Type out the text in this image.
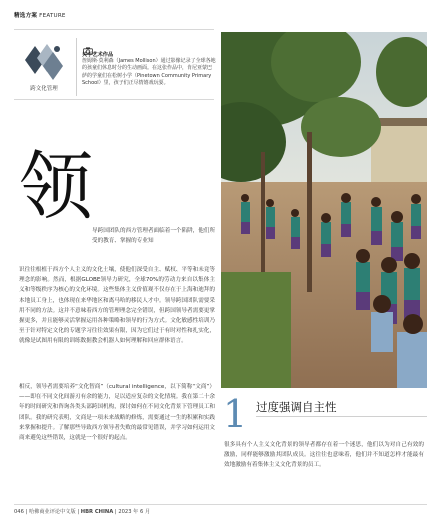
精选方案 FEATURE
跨文化管理
关于艺术作品
詹姆斯·莫利森（James Mollison）通过影像记录了全球各地的孩童们休息时分的生动画面。在这张作品中，肯尼亚蒙巴萨的学童们在松树小学（Pinetown Community Primary School）里，孩子们正尽情嬉戏玩耍。
领
导跨国团队的西方管理者面临着一个陷阱，他们所受的教育、掌握的专业知
识往往根植于西方个人主义的文化土壤，使他们深受自主、赋权、平等和未竟等理念的影响。然而，根据GLOBE领导力研究，全球70%的劳动力来自以集体主义和等级秩序为核心的文化环境。这些集体主义价值观不仅存在于上海和迪拜的本地员工身上，也体现在来华地区和离马哈的移民人才中。领导跨国团队需要采用不同的方法。这并不意味着西方的管理理念完全错误，但跨国领导者需要更掌握更多，并且能够灵活掌握运用各种策略和领导的行为方式。文化敏感性培训乃至于针对特定文化的专题学习往往效果有限，因为它们过于有时对性和扎实化，就像是试图用有限的训练数据教会机器人如何理解和回应群体语言。
相反，领导者需要培养“文化智商”（cultural intelligence，以下简称“文商”）——即在不同文化间游刃有余的能力，足以适应复杂的文化情境。我在第二十余年的时间研究和咨询各类头部跨国机构，探讨如何在不同文化背景下管理员工和团队。我的研究表明，文商是一项未来战略的修炼，需要通过一生的积累和实践来掌握和提升。了解那些导致西方领导者失败的最常见错误，并学习如何运用文商来避免这些错误，这就是一个很好的起点。
1 过度强调自主性
很多具有个人主义文化背景的领导者都存在着一个迷思，他们以为对自己有效的激励，同样能够激励其团队成员。这往往也意味着，他们并不知道怎样才能最有效地激励有着集体主义文化背景的员工。
046 | 哈佛商业评论中文版 | HBR CHINA | 2023 年 6 月
